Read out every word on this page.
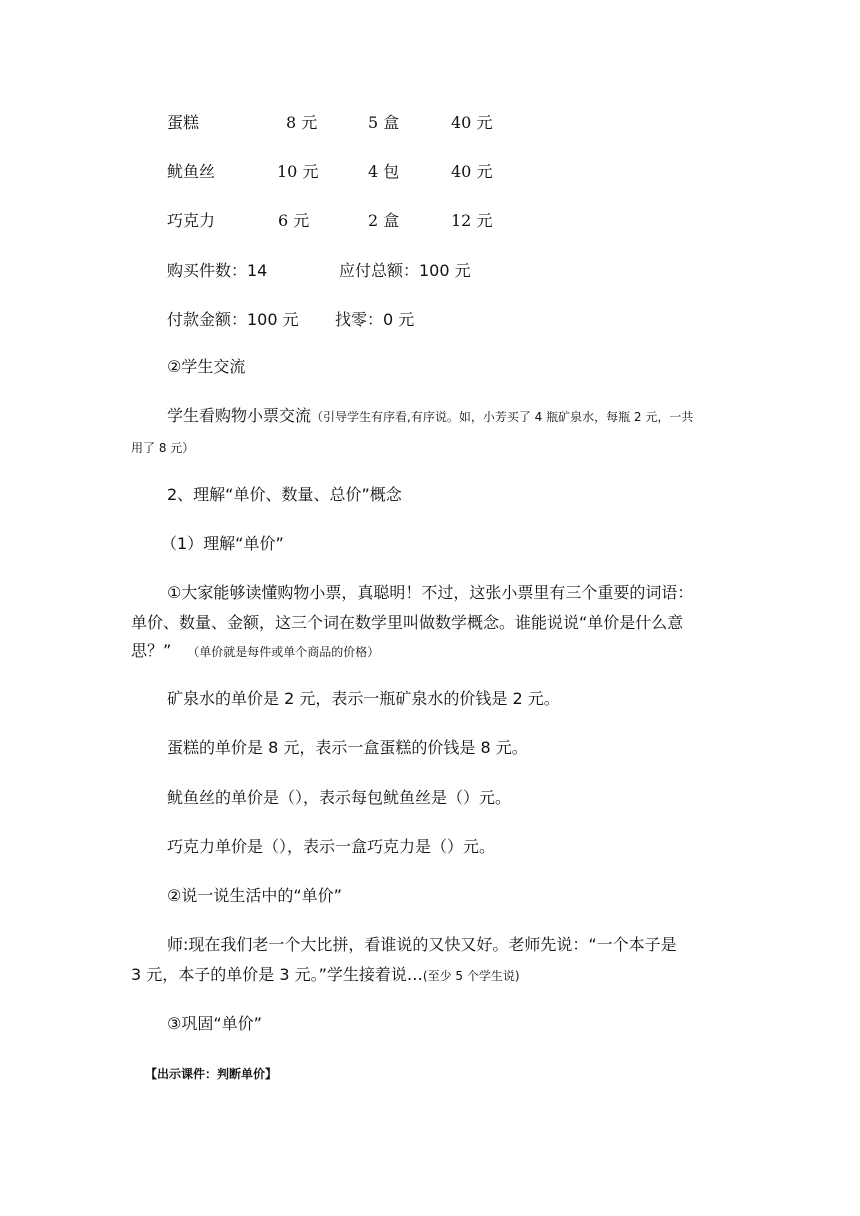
蛋糕	8 元	5 盒	40 元
鱿鱼丝	10 元	4 包	40 元
巧克力	6 元	2 盒	12 元
购买件数：14	应付总额：100 元
付款金额：100 元 找零：0 元
②学生交流
学生看购物小票交流（引导学生有序看,有序说。如，小芳买了 4 瓶矿泉水，每瓶 2 元，一共
用了 8 元）
2、理解“单价、数量、总价”概念
（1）理解“单价”
①大家能够读懂购物小票，真聪明！不过，这张小票里有三个重要的词语：
单价、数量、金额，这三个词在数学里叫做数学概念。谁能说说“单价是什么意
思？” （单价就是每件或单个商品的价格）
矿泉水的单价是 2 元，表示一瓶矿泉水的价钱是 2 元。
蛋糕的单价是 8 元，表示一盒蛋糕的价钱是 8 元。
鱿鱼丝的单价是（），表示每包鱿鱼丝是（）元。
巧克力单价是（），表示一盒巧克力是（）元。
②说一说生活中的“单价”
师:现在我们老一个大比拼，看谁说的又快又好。老师先说：“一个本子是
3 元，本子的单价是 3 元。”学生接着说…(至少 5 个学生说)
③巩固“单价”
【出示课件：判断单价】
